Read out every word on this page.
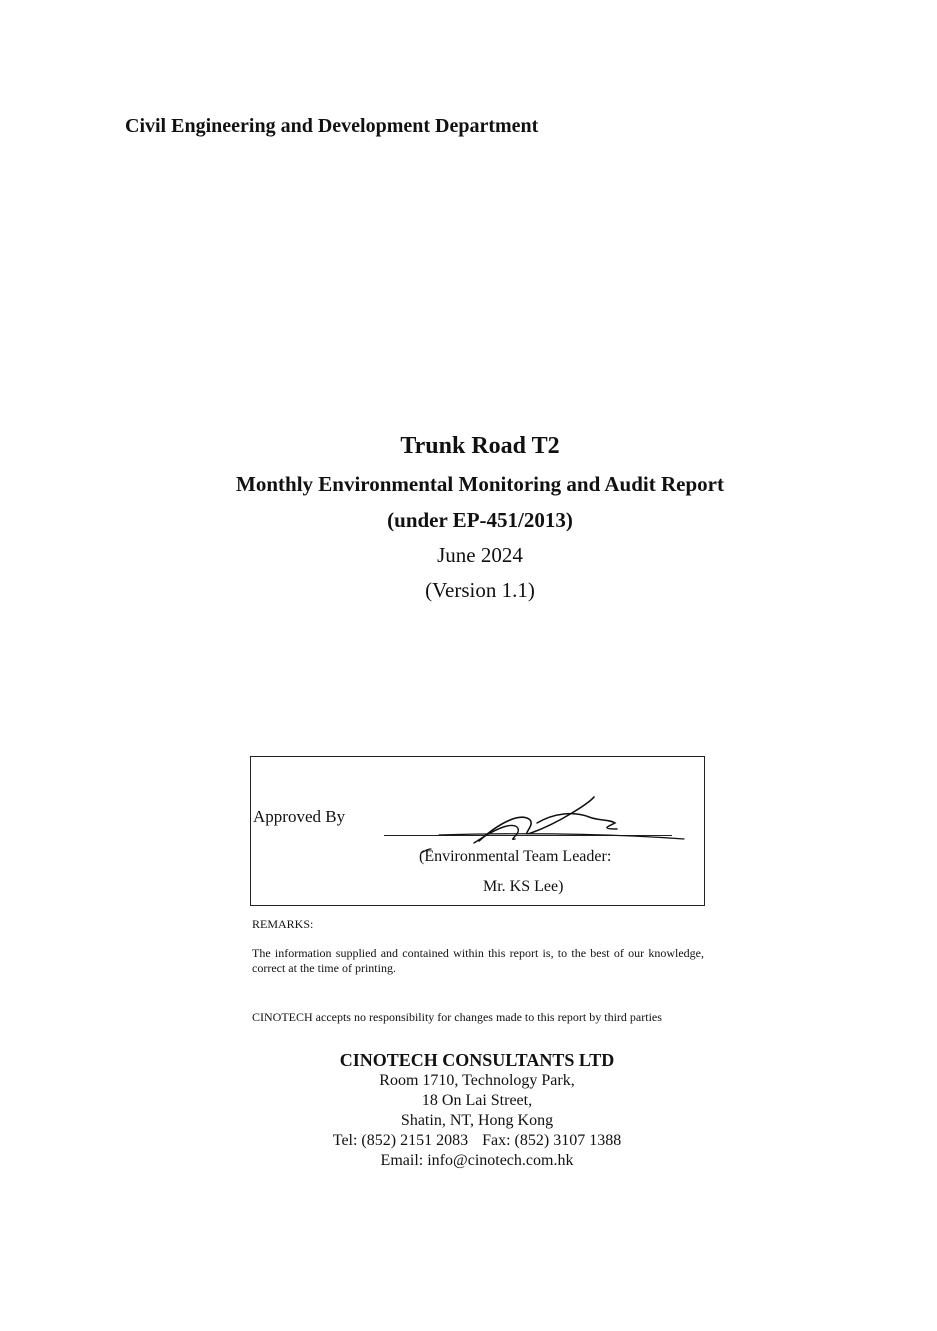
Civil Engineering and Development Department
Trunk Road T2
Monthly Environmental Monitoring and Audit Report
(under EP-451/2013)
June 2024
(Version 1.1)
Approved By
(Environmental Team Leader:
Mr. KS Lee)
REMARKS:
The information supplied and contained within this report is, to the best of our knowledge, correct at the time of printing.
CINOTECH accepts no responsibility for changes made to this report by third parties
CINOTECH CONSULTANTS LTD
Room 1710, Technology Park,
18 On Lai Street,
Shatin, NT, Hong Kong
Tel: (852) 2151 2083 Fax: (852) 3107 1388
Email: info@cinotech.com.hk
